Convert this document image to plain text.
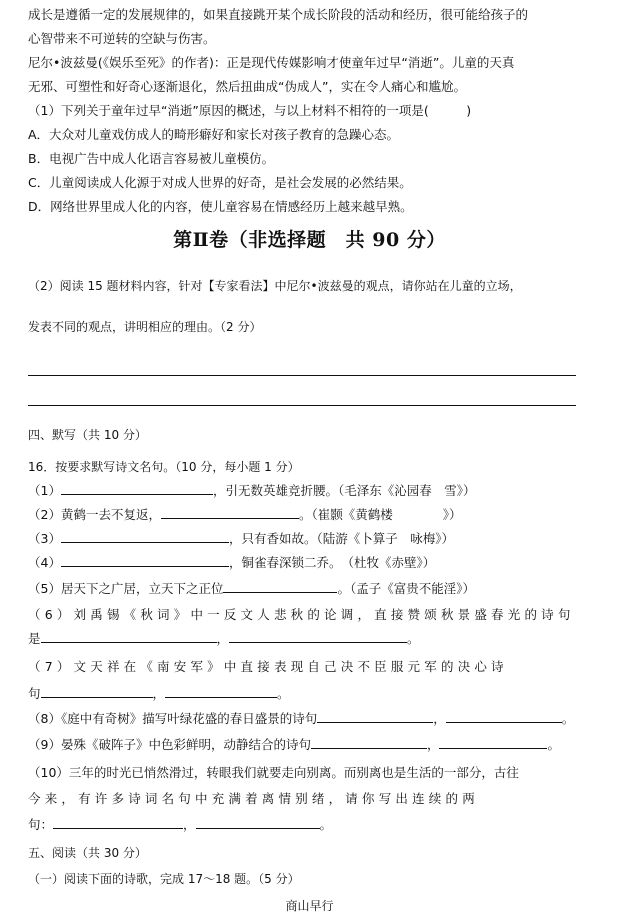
成长是遵循一定的发展规律的，如果直接跳开某个成长阶段的活动和经历，很可能给孩子的

心智带来不可逆转的空缺与伤害。

尼尔•波兹曼(《娱乐至死》的作者)：正是现代传媒影响才使童年过早“消逝”。儿童的天真

无邪、可塑性和好奇心逐渐退化，然后扭曲成“伪成人”，实在令人痛心和尴尬。

（1）下列关于童年过早“消逝”原因的概述，与以上材料不相符的一项是(　　　)

A．大众对儿童戏仿成人的畸形癖好和家长对孩子教育的急躁心态。

B．电视广告中成人化语言容易被儿童模仿。

C．儿童阅读成人化源于对成人世界的好奇，是社会发展的必然结果。

D．网络世界里成人化的内容，使儿童容易在情感经历上越来越早熟。

第Ⅱ卷（非选择题　共 90 分）

（2）阅读 15 题材料内容，针对【专家看法】中尼尔•波兹曼的观点，请你站在儿童的立场，

发表不同的观点，讲明相应的理由。（2 分）

四、默写（共 10 分）

16．按要求默写诗文名句。（10 分，每小题 1 分）

（1）	，引无数英雄竞折腰。（毛泽东《沁园春　雪》）

（2）黄鹤一去不复返，	。（崔颢《黄鹤楼　　　　》）

（3）	，只有香如故。（陆游《卜算子　咏梅》）

（4）	，铜雀春深锁二乔。　（杜牧《赤壁》）

（5）居天下之广居，立天下之正位	。（孟子《富贵不能淫》）

（6）刘禹锡《秋词》中一反文人悲秋的论调，直接赞颂秋景盛春光的诗句

是	，	。

（7）文天祥在《南安军》中直接表现自己决不臣服元军的决心诗

句	，	。

（8）《庭中有奇树》描写叶绿花盛的春日盛景的诗句	，	。

（9）晏殊《破阵子》中色彩鲜明，动静结合的诗句	，	。

（10）三年的时光已悄然滑过，转眼我们就要走向别离。而别离也是生活的一部分，古往

今来，有许多诗词名句中充满着离情别绪，请你写出连续的两

句：	，	。

五、阅读（共 30 分）

（一）阅读下面的诗歌，完成 17～18 题。（5 分）

商山早行
